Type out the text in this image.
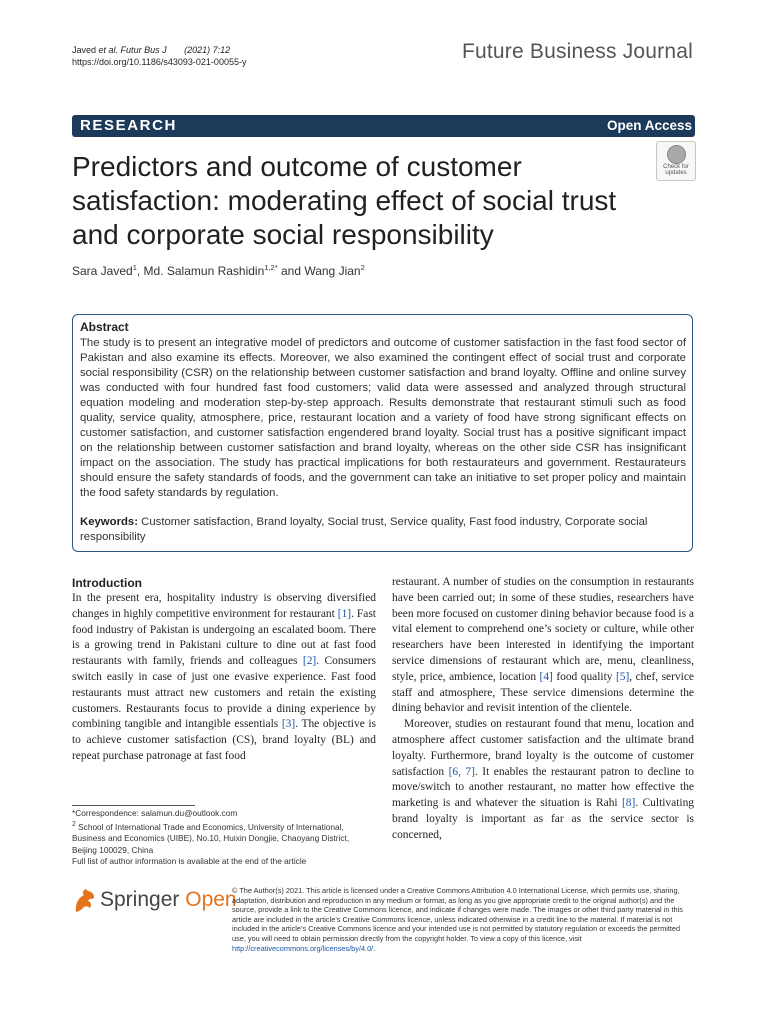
Javed et al. Futur Bus J (2021) 7:12
https://doi.org/10.1186/s43093-021-00055-y	Future Business Journal
RESEARCH	Open Access
Check for
updates
Predictors and outcome of customer satisfaction: moderating effect of social trust and corporate social responsibility
Sara Javed$^1$, Md. Salamun Rashidin$^{1,2*}$ and Wang Jian$^2$
Abstract
The study is to present an integrative model of predictors and outcome of customer satisfaction in the fast food sector of Pakistan and also examine its effects. Moreover, we also examined the contingent effect of social trust and corporate social responsibility (CSR) on the relationship between customer satisfaction and brand loyalty. Offline and online survey was conducted with four hundred fast food customers; valid data were assessed and analyzed through structural equation modeling and moderation step-by-step approach. Results demonstrate that restaurant stimuli such as food quality, service quality, atmosphere, price, restaurant location and a variety of food have strong significant effects on customer satisfaction, and customer satisfaction engendered brand loyalty. Social trust has a positive significant impact on the relationship between customer satisfaction and brand loyalty, whereas on the other side CSR has insignificant impact on the association. The study has practical implications for both restaurateurs and government. Restaurateurs should ensure the safety standards of foods, and the government can take an initiative to set proper policy and maintain the food safety standards by regulation.
Keywords: Customer satisfaction, Brand loyalty, Social trust, Service quality, Fast food industry, Corporate social responsibility
Introduction

In the present era, hospitality industry is observing diversified changes in highly competitive environment for restaurant [1]. Fast food industry of Pakistan is undergoing an escalated boom. There is a growing trend in Pakistani culture to dine out at fast food restaurants with family, friends and colleagues [2]. Consumers switch easily in case of just one evasive experience. Fast food restaurants must attract new customers and retain the existing customers. Restaurants focus to provide a dining experience by combining tangible and intangible essentials [3]. The objective is to achieve customer satisfaction (CS), brand loyalty (BL) and repeat purchase patronage at fast food

restaurant. A number of studies on the consumption in restaurants have been carried out; in some of these studies, researchers have been more focused on customer dining behavior because food is a vital element to comprehend one’s society or culture, while other researchers have been interested in identifying the important service dimensions of restaurant which are, menu, cleanliness, style, price, ambience, location [4] food quality [5], chef, service staff and atmosphere, These service dimensions determine the dining behavior and revisit intention of the clientele.

Moreover, studies on restaurant found that menu, location and atmosphere affect customer satisfaction and the ultimate brand loyalty. Furthermore, brand loyalty is the outcome of customer satisfaction [6, 7]. It enables the restaurant patron to decline to move/switch to another restaurant, no matter how effective the marketing is and whatever the situation is Rahi [8]. Cultivating brand loyalty is important as far as the service sector is concerned,

*Correspondence: salamun.du@outlook.com
$^2$ School of International Trade and Economics, University of International, Business and Economics (UIBE), No.10, Huixin Dongjie, Chaoyang District, Beijing 100029, China
Full list of author information is available at the end of the article
Springer Open
© The Author(s) 2021. This article is licensed under a Creative Commons Attribution 4.0 International License, which permits use, sharing, adaptation, distribution and reproduction in any medium or format, as long as you give appropriate credit to the original author(s) and the source, provide a link to the Creative Commons licence, and indicate if changes were made. The images or other third party material in this article are included in the article’s Creative Commons licence, unless indicated otherwise in a credit line to the material. If material is not included in the article’s Creative Commons licence and your intended use is not permitted by statutory regulation or exceeds the permitted use, you will need to obtain permission directly from the copyright holder. To view a copy of this licence, visit http://creativecommons.org/licenses/by/4.0/.
